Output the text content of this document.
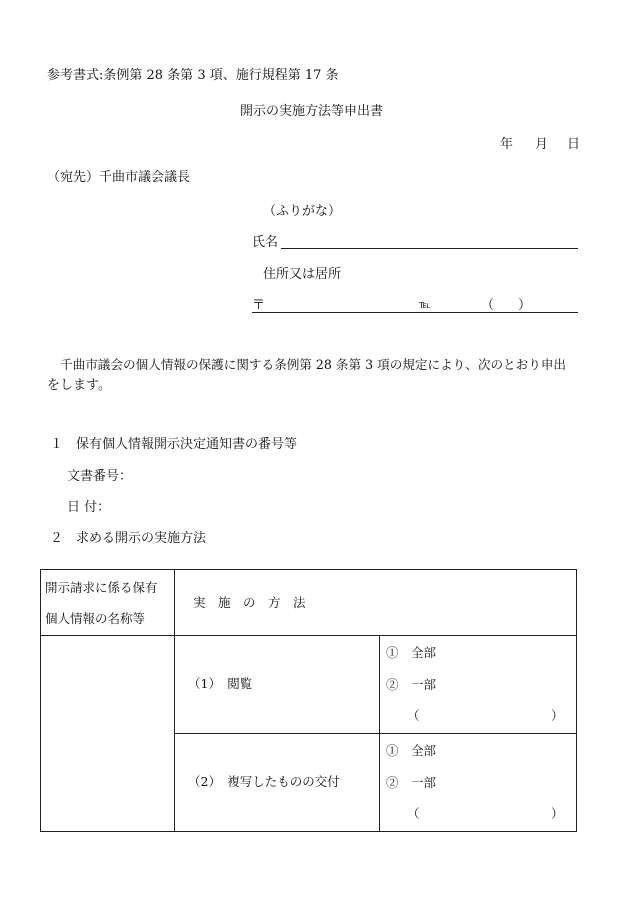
参考書式:条例第 28 条第 3 項、施行規程第 17 条
開示の実施方法等申出書
年 月 日
（宛先）千曲市議会議長
（ふりがな）
氏名
住所又は居所
〒	℡	（ ）
千曲市議会の個人情報の保護に関する条例第 28 条第 3 項の規定により、次のとおり申出
をします。
１　保有個人情報開示決定通知書の番号等
文書番号：
日 付：
２　求める開示の実施方法
開示請求に係る保有
個人情報の名称等	実　施　の　方　法	

	（1）　閲覧	①　全部
②　一部
（ ）

	（2）　複写したものの交付	①　全部
②　一部
（ ）
